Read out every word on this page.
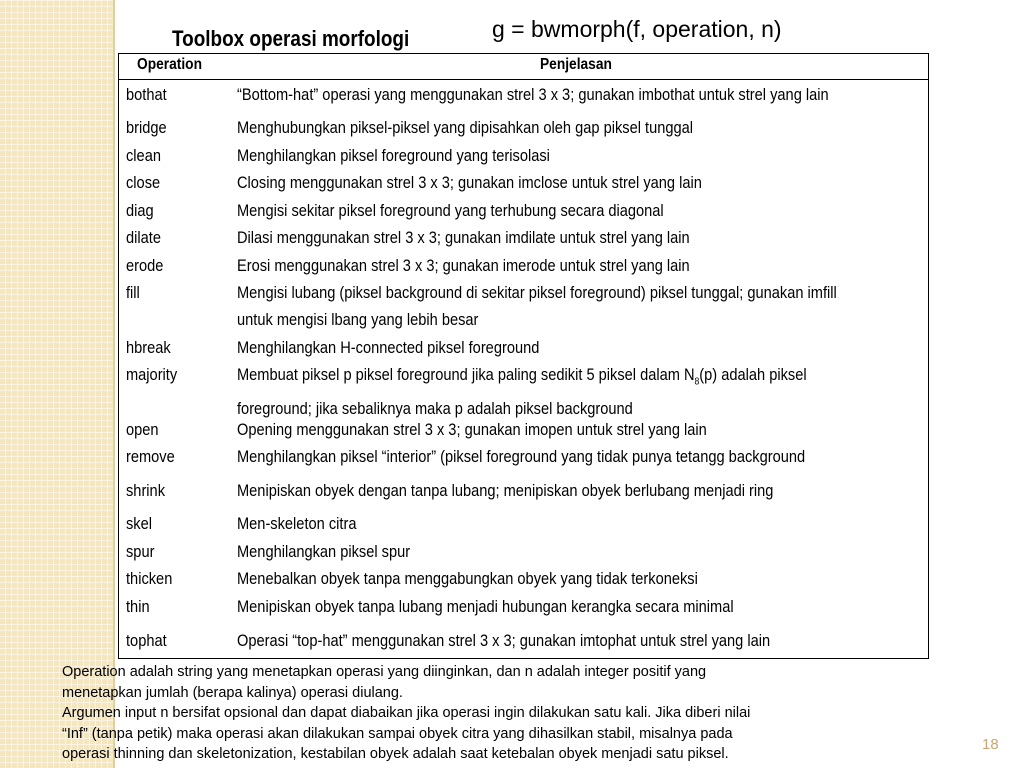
Toolbox operasi morfologi	g = bwmorph(f, operation, n)
Operation	Penjelasan
bothat	“Bottom-hat” operasi yang menggunakan strel 3 x 3; gunakan imbothat untuk strel yang lain
bridge	Menghubungkan piksel-piksel yang dipisahkan oleh gap piksel tunggal
clean	Menghilangkan piksel foreground yang terisolasi
close	Closing menggunakan strel 3 x 3; gunakan imclose untuk strel yang lain
diag	Mengisi sekitar piksel foreground yang terhubung secara diagonal
dilate	Dilasi menggunakan strel 3 x 3; gunakan imdilate untuk strel yang lain
erode	Erosi menggunakan strel 3 x 3; gunakan imerode untuk strel yang lain
fill	Mengisi lubang (piksel background di sekitar piksel foreground) piksel tunggal; gunakan imfill
untuk mengisi lbang yang lebih besar
hbreak	Menghilangkan H-connected piksel foreground
majority	Membuat piksel p piksel foreground jika paling sedikit 5 piksel dalam $N_8(p)$ adalah piksel
foreground; jika sebaliknya maka p adalah piksel background
open	Opening menggunakan strel 3 x 3; gunakan imopen untuk strel yang lain
remove	Menghilangkan piksel “interior” (piksel foreground yang tidak punya tetangg background
shrink	Menipiskan obyek dengan tanpa lubang; menipiskan obyek berlubang menjadi ring
skel	Men-skeleton citra
spur	Menghilangkan piksel spur
thicken	Menebalkan obyek tanpa menggabungkan obyek yang tidak terkoneksi
thin	Menipiskan obyek tanpa lubang menjadi hubungan kerangka secara minimal
tophat	Operasi “top-hat” menggunakan strel 3 x 3; gunakan imtophat untuk strel yang lain

Operation adalah string yang menetapkan operasi yang diinginkan, dan n adalah integer positif yang

menetapkan jumlah (berapa kalinya) operasi diulang.

Argumen input n bersifat opsional dan dapat diabaikan jika operasi ingin dilakukan satu kali. Jika diberi nilai

“Inf” (tanpa petik) maka operasi akan dilakukan sampai obyek citra yang dihasilkan stabil, misalnya pada

operasi thinning dan skeletonization, kestabilan obyek adalah saat ketebalan obyek menjadi satu piksel.

18
